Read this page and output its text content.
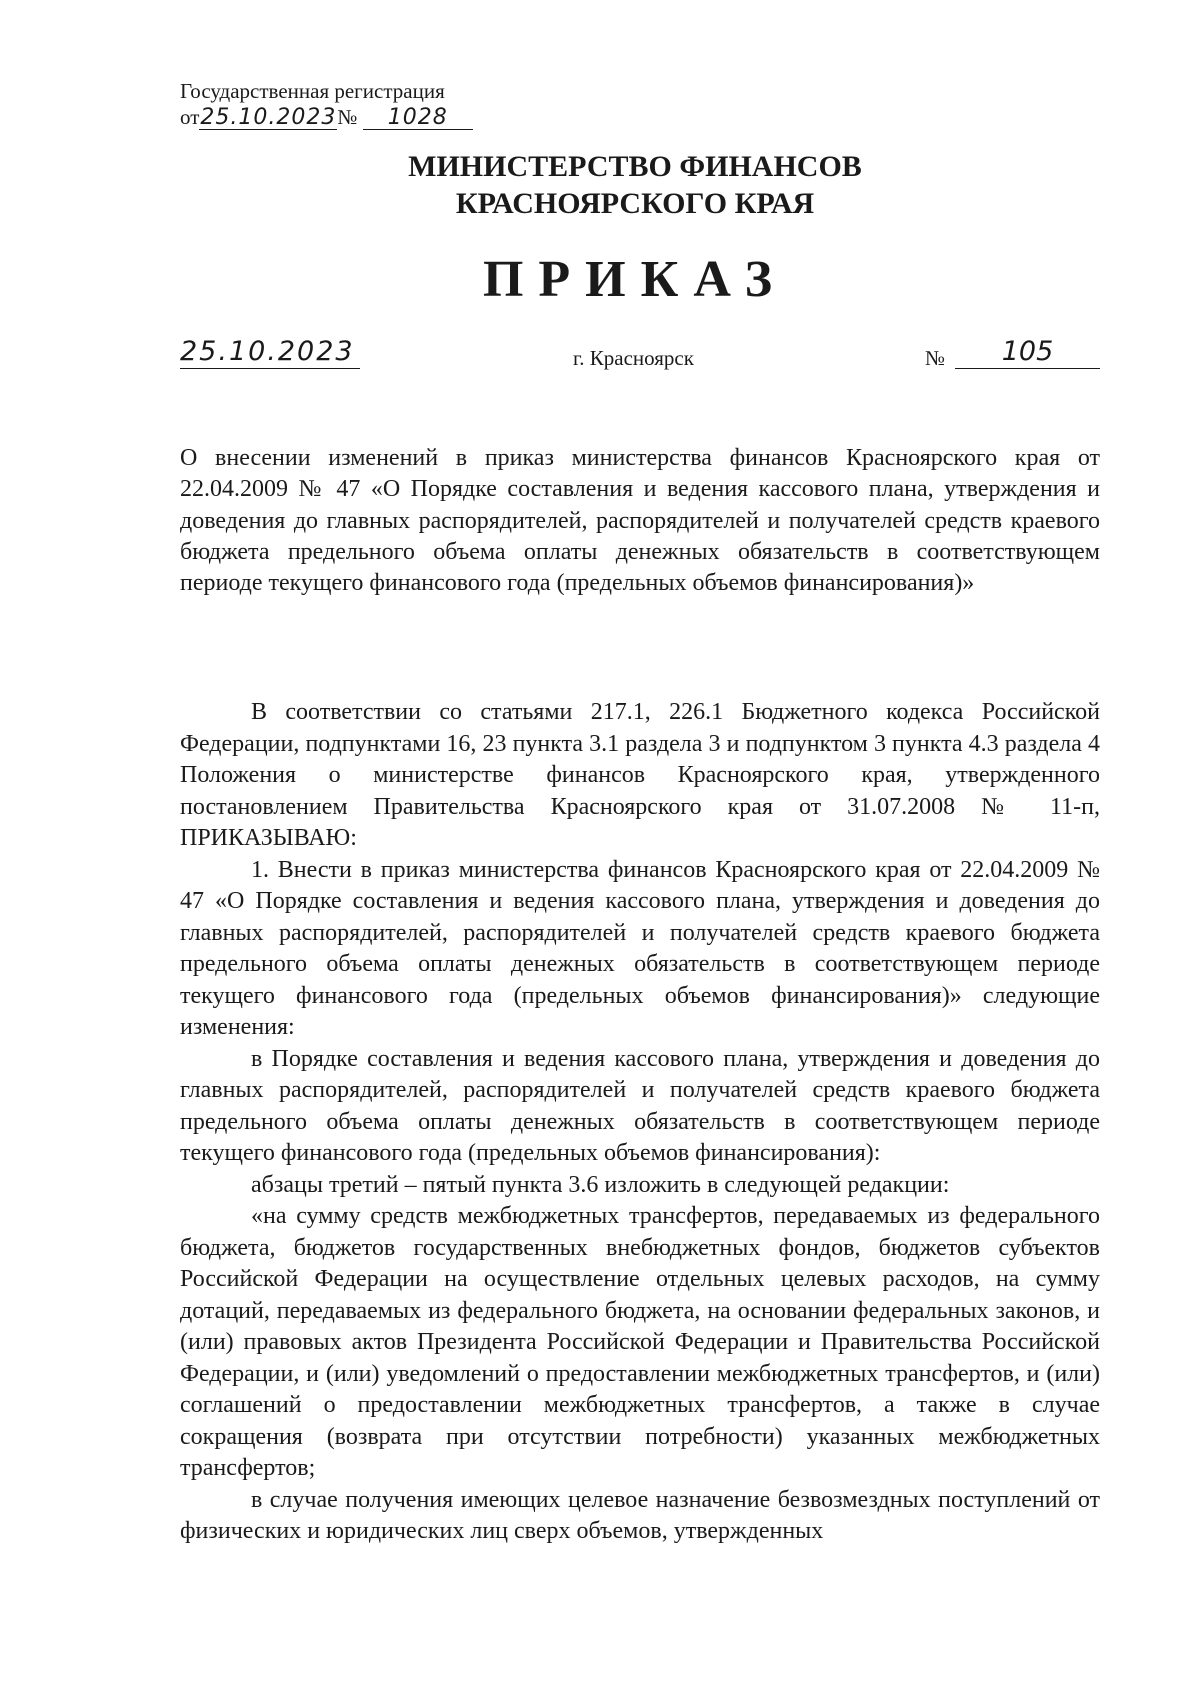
Государственная регистрация
от25.10.2023№ 1028
МИНИСТЕРСТВО ФИНАНСОВ
КРАСНОЯРСКОГО КРАЯ
ПРИКАЗ
25.10.2023	г. Красноярск	№	105
О внесении изменений в приказ министерства финансов Красноярского края от 22.04.2009 № 47 «О Порядке составления и ведения кассового плана, утверждения и доведения до главных распорядителей, распорядителей и получателей средств краевого бюджета предельного объема оплаты денежных обязательств в соответствующем периоде текущего финансового года (предельных объемов финансирования)»

В соответствии со статьями 217.1, 226.1 Бюджетного кодекса Российской Федерации, подпунктами 16, 23 пункта 3.1 раздела 3 и подпунктом 3 пункта 4.3 раздела 4 Положения о министерстве финансов Красноярского края, утвержденного постановлением Правительства Красноярского края от 31.07.2008 № 11-п, ПРИКАЗЫВАЮ:

1. Внести в приказ министерства финансов Красноярского края от 22.04.2009 № 47 «О Порядке составления и ведения кассового плана, утверждения и доведения до главных распорядителей, распорядителей и получателей средств краевого бюджета предельного объема оплаты денежных обязательств в соответствующем периоде текущего финансового года (предельных объемов финансирования)» следующие изменения:

в Порядке составления и ведения кассового плана, утверждения и доведения до главных распорядителей, распорядителей и получателей средств краевого бюджета предельного объема оплаты денежных обязательств в соответствующем периоде текущего финансового года (предельных объемов финансирования):

абзацы третий – пятый пункта 3.6 изложить в следующей редакции:

«на сумму средств межбюджетных трансфертов, передаваемых из федерального бюджета, бюджетов государственных внебюджетных фондов, бюджетов субъектов Российской Федерации на осуществление отдельных целевых расходов, на сумму дотаций, передаваемых из федерального бюджета, на основании федеральных законов, и (или) правовых актов Президента Российской Федерации и Правительства Российской Федерации, и (или) уведомлений о предоставлении межбюджетных трансфертов, и (или) соглашений о предоставлении межбюджетных трансфертов, а также в случае сокращения (возврата при отсутствии потребности) указанных межбюджетных трансфертов;

в случае получения имеющих целевое назначение безвозмездных поступлений от физических и юридических лиц сверх объемов, утвержденных
